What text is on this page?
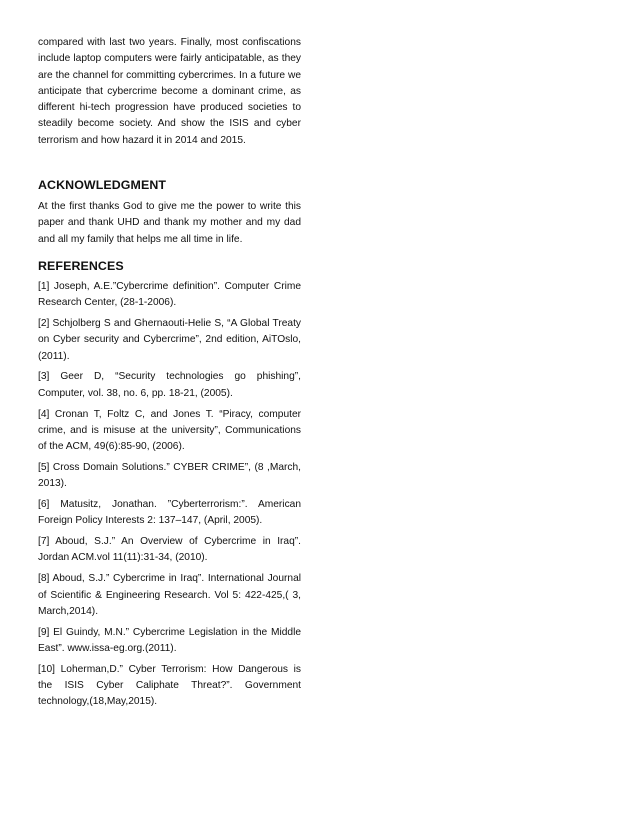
compared with last two years. Finally, most confiscations include laptop computers were fairly anticipatable, as they are the channel for committing cybercrimes. In a future we anticipate that cybercrime become a dominant crime, as different hi-tech progression have produced societies to steadily become society. And show the ISIS and cyber terrorism and how hazard it in 2014 and 2015.

ACKNOWLEDGMENT

At the first thanks God to give me the power to write this paper and thank UHD and thank my mother and my dad and all my family that helps me all time in life.

REFERENCES
[1] Joseph, A.E.”Cybercrime definition”. Computer Crime Research Center, (28-1-2006).
[2] Schjolberg S and Ghernaouti-Helie S, “A Global Treaty on Cyber security and Cybercrime”, 2nd edition, AiTOslo, (2011).
[3] Geer D, “Security technologies go phishing”, Computer, vol. 38, no. 6, pp. 18-21, (2005).
[4] Cronan T, Foltz C, and Jones T. “Piracy, computer crime, and is misuse at the university”, Communications of the ACM, 49(6):85-90, (2006).
[5] Cross Domain Solutions.” CYBER CRIME”, (8 ,March, 2013).
[6] Matusitz, Jonathan. ”Cyberterrorism:”. American Foreign Policy Interests 2: 137–147, (April, 2005).
[7] Aboud, S.J.” An Overview of Cybercrime in Iraq”. Jordan ACM.vol 11(11):31-34, (2010).
[8] Aboud, S.J.” Cybercrime in Iraq”. International Journal of Scientific & Engineering Research. Vol 5: 422-425,( 3, March,2014).
[9] El Guindy, M.N.” Cybercrime Legislation in the Middle East”. www.issa-eg.org.(2011).
[10] Loherman,D.” Cyber Terrorism: How Dangerous is the ISIS Cyber Caliphate Threat?”. Government technology,(18,May,2015).
